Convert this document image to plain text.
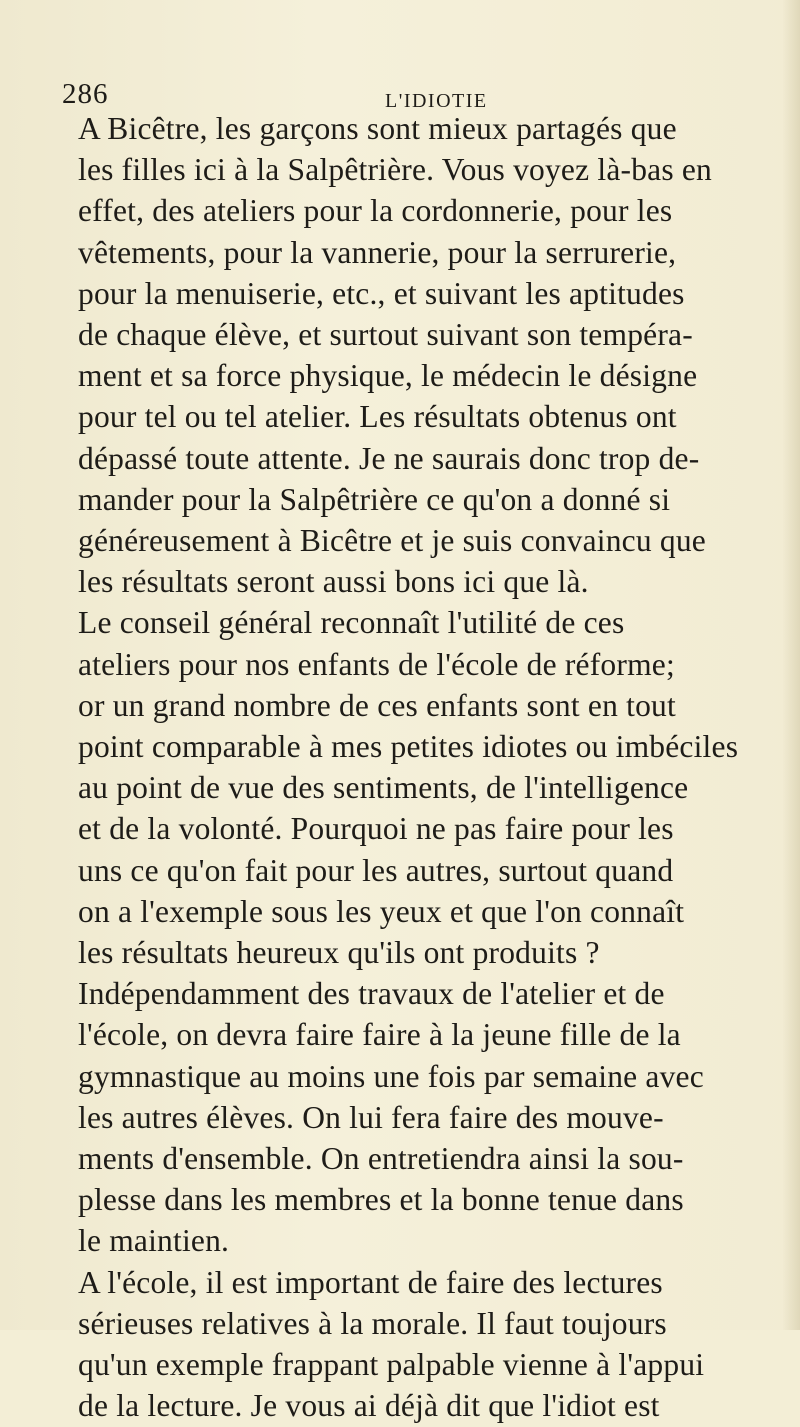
286	L'IDIOTIE
A Bicêtre, les garçons sont mieux partagés que
les filles ici à la Salpêtrière. Vous voyez là-bas en
effet, des ateliers pour la cordonnerie, pour les
vêtements, pour la vannerie, pour la serrurerie,
pour la menuiserie, etc., et suivant les aptitudes
de chaque élève, et surtout suivant son tempéra-
ment et sa force physique, le médecin le désigne
pour tel ou tel atelier. Les résultats obtenus ont
dépassé toute attente. Je ne saurais donc trop de-
mander pour la Salpêtrière ce qu'on a donné si
généreusement à Bicêtre et je suis convaincu que
les résultats seront aussi bons ici que là.
Le conseil général reconnaît l'utilité de ces
ateliers pour nos enfants de l'école de réforme;
or un grand nombre de ces enfants sont en tout
point comparable à mes petites idiotes ou imbéciles
au point de vue des sentiments, de l'intelligence
et de la volonté. Pourquoi ne pas faire pour les
uns ce qu'on fait pour les autres, surtout quand
on a l'exemple sous les yeux et que l'on connaît
les résultats heureux qu'ils ont produits ?
Indépendamment des travaux de l'atelier et de
l'école, on devra faire faire à la jeune fille de la
gymnastique au moins une fois par semaine avec
les autres élèves. On lui fera faire des mouve-
ments d'ensemble. On entretiendra ainsi la sou-
plesse dans les membres et la bonne tenue dans
le maintien.
A l'école, il est important de faire des lectures
sérieuses relatives à la morale. Il faut toujours
qu'un exemple frappant palpable vienne à l'appui
de la lecture. Je vous ai déjà dit que l'idiot est
